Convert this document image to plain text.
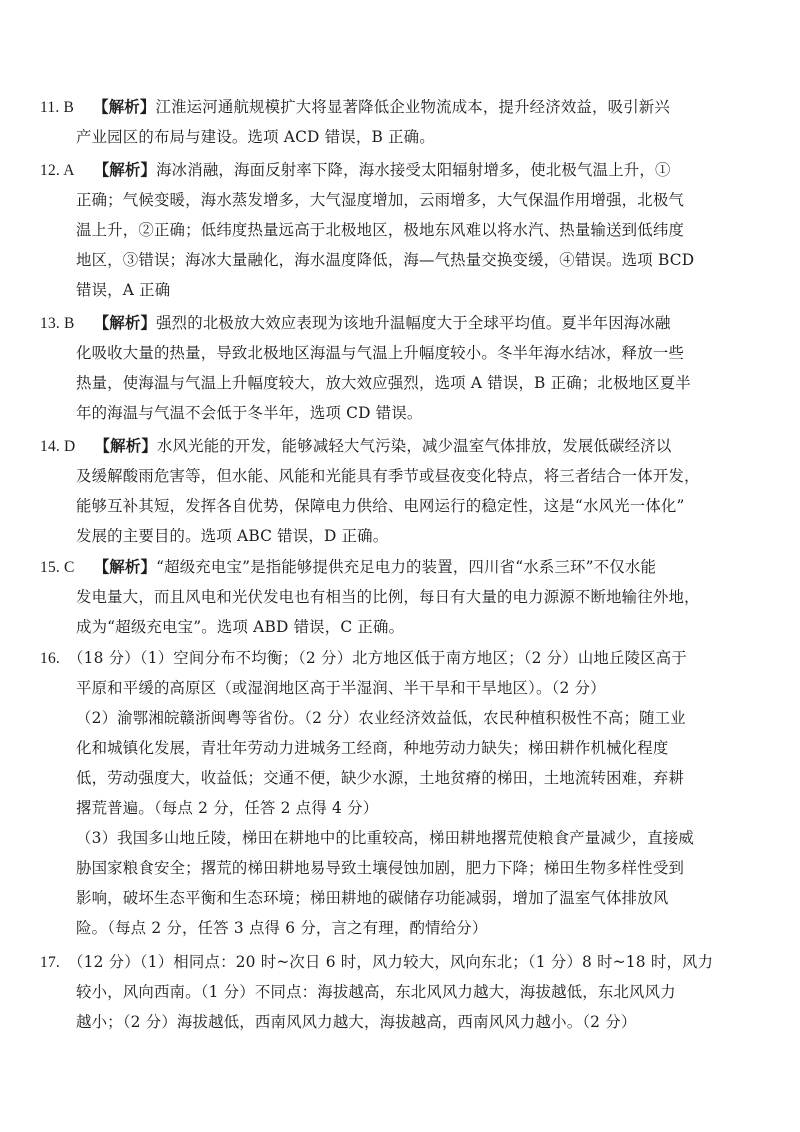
11. B 【解析】江淮运河通航规模扩大将显著降低企业物流成本，提升经济效益，吸引新兴
产业园区的布局与建设。选项 ACD 错误，B 正确。
12. A 【解析】海冰消融，海面反射率下降，海水接受太阳辐射增多，使北极气温上升，①
正确；气候变暖，海水蒸发增多，大气湿度增加，云雨增多，大气保温作用增强，北极气
温上升，②正确；低纬度热量远高于北极地区，极地东风难以将水汽、热量输送到低纬度
地区，③错误；海冰大量融化，海水温度降低，海—气热量交换变缓，④错误。选项 BCD
错误，A 正确
13. B 【解析】强烈的北极放大效应表现为该地升温幅度大于全球平均值。夏半年因海冰融
化吸收大量的热量，导致北极地区海温与气温上升幅度较小。冬半年海水结冰，释放一些
热量，使海温与气温上升幅度较大，放大效应强烈，选项 A 错误，B 正确；北极地区夏半
年的海温与气温不会低于冬半年，选项 CD 错误。
14. D 【解析】水风光能的开发，能够减轻大气污染，减少温室气体排放，发展低碳经济以
及缓解酸雨危害等，但水能、风能和光能具有季节或昼夜变化特点，将三者结合一体开发，
能够互补其短，发挥各自优势，保障电力供给、电网运行的稳定性，这是“水风光一体化”
发展的主要目的。选项 ABC 错误，D 正确。
15. C 【解析】“超级充电宝”是指能够提供充足电力的装置，四川省“水系三环”不仅水能
发电量大，而且风电和光伏发电也有相当的比例，每日有大量的电力源源不断地输往外地，
成为“超级充电宝”。选项 ABD 错误，C 正确。
16. （18 分）（1）空间分布不均衡；（2 分）北方地区低于南方地区；（2 分）山地丘陵区高于
平原和平缓的高原区（或湿润地区高于半湿润、半干旱和干旱地区）。（2 分）
（2）渝鄂湘皖赣浙闽粤等省份。（2 分）农业经济效益低，农民种植积极性不高；随工业
化和城镇化发展，青壮年劳动力进城务工经商，种地劳动力缺失；梯田耕作机械化程度
低，劳动强度大，收益低；交通不便，缺少水源，土地贫瘠的梯田，土地流转困难，弃耕
撂荒普遍。（每点 2 分，任答 2 点得 4 分）
（3）我国多山地丘陵，梯田在耕地中的比重较高，梯田耕地撂荒使粮食产量减少，直接威
胁国家粮食安全；撂荒的梯田耕地易导致土壤侵蚀加剧，肥力下降；梯田生物多样性受到
影响，破坏生态平衡和生态环境；梯田耕地的碳储存功能减弱，增加了温室气体排放风
险。（每点 2 分，任答 3 点得 6 分，言之有理，酌情给分）
17. （12 分）（1）相同点：20 时~次日 6 时，风力较大，风向东北；（1 分）8 时~18 时，风力
较小，风向西南。（1 分）不同点：海拔越高，东北风风力越大，海拔越低，东北风风力
越小；（2 分）海拔越低，西南风风力越大，海拔越高，西南风风力越小。（2 分）
